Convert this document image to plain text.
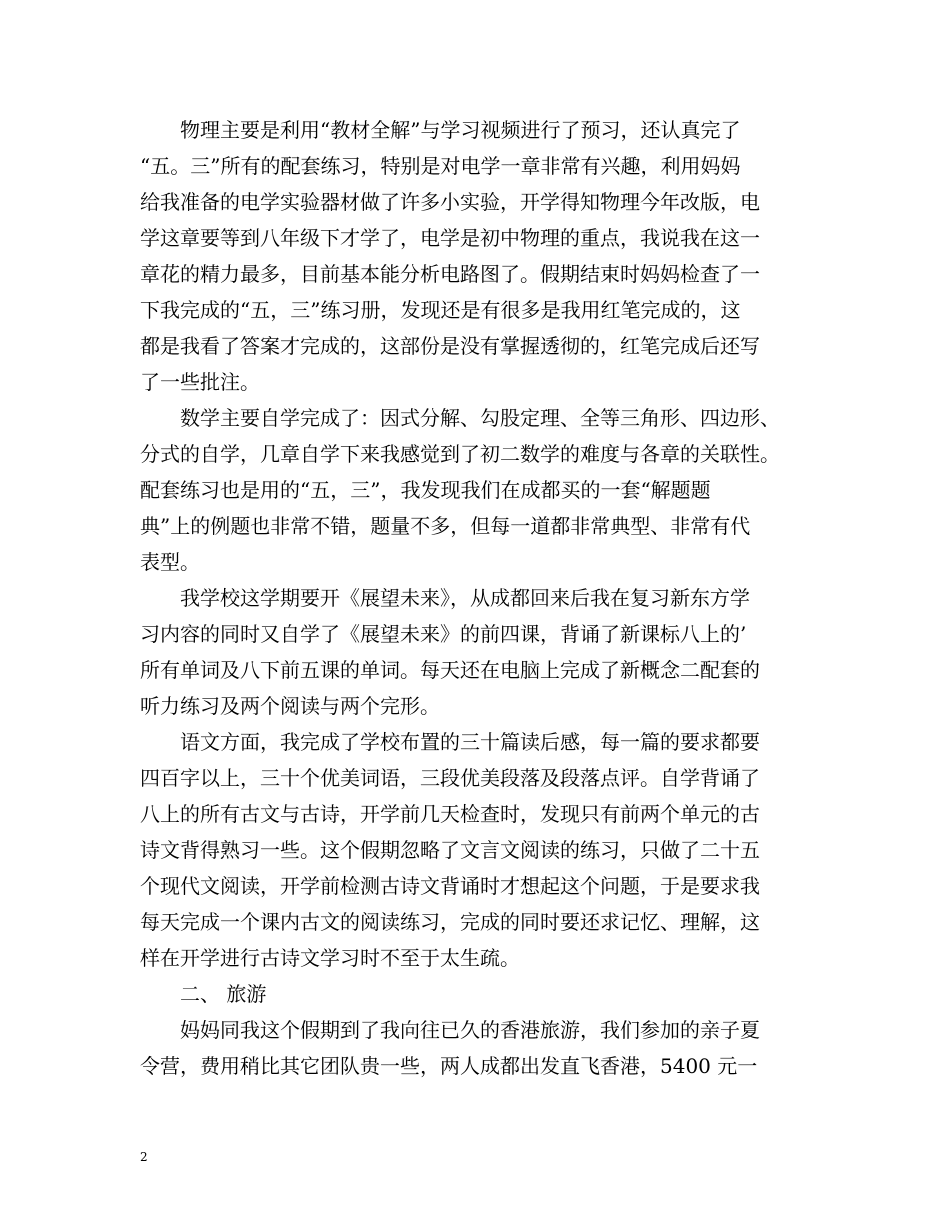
物理主要是利用“教材全解”与学习视频进行了预习，还认真完了
“五。三”所有的配套练习，特别是对电学一章非常有兴趣，利用妈妈
给我准备的电学实验器材做了许多小实验，开学得知物理今年改版，电
学这章要等到八年级下才学了，电学是初中物理的重点，我说我在这一
章花的精力最多，目前基本能分析电路图了。假期结束时妈妈检查了一
下我完成的“五，三”练习册，发现还是有很多是我用红笔完成的，这
都是我看了答案才完成的，这部份是没有掌握透彻的，红笔完成后还写
了一些批注。
数学主要自学完成了：因式分解、勾股定理、全等三角形、四边形、
分式的自学，几章自学下来我感觉到了初二数学的难度与各章的关联性。
配套练习也是用的“五，三”，我发现我们在成都买的一套“解题题
典”上的例题也非常不错，题量不多，但每一道都非常典型、非常有代
表型。
我学校这学期要开《展望未来》，从成都回来后我在复习新东方学
习内容的同时又自学了《展望未来》的前四课，背诵了新课标八上的’
所有单词及八下前五课的单词。每天还在电脑上完成了新概念二配套的
听力练习及两个阅读与两个完形。
语文方面，我完成了学校布置的三十篇读后感，每一篇的要求都要
四百字以上，三十个优美词语，三段优美段落及段落点评。自学背诵了
八上的所有古文与古诗，开学前几天检查时，发现只有前两个单元的古
诗文背得熟习一些。这个假期忽略了文言文阅读的练习，只做了二十五
个现代文阅读，开学前检测古诗文背诵时才想起这个问题，于是要求我
每天完成一个课内古文的阅读练习，完成的同时要还求记忆、理解，这
样在开学进行古诗文学习时不至于太生疏。
二、 旅游
妈妈同我这个假期到了我向往已久的香港旅游，我们参加的亲子夏
令营，费用稍比其它团队贵一些，两人成都出发直飞香港，5400 元一
2
